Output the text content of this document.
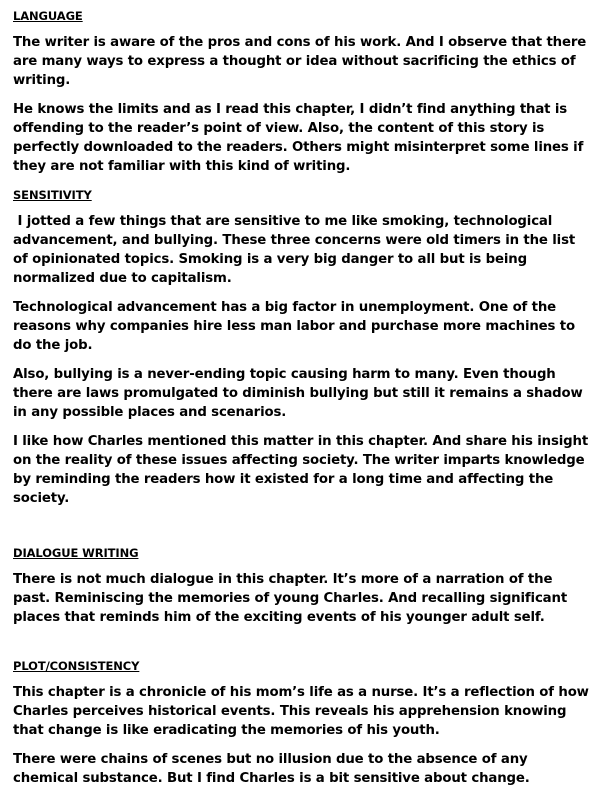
LANGUAGE

The writer is aware of the pros and cons of his work. And I observe that there are many ways to express a thought or idea without sacrificing the ethics of writing.

He knows the limits and as I read this chapter, I didn’t find anything that is offending to the reader’s point of view. Also, the content of this story is perfectly downloaded to the readers. Others might misinterpret some lines if they are not familiar with this kind of writing.

SENSITIVITY

I jotted a few things that are sensitive to me like smoking, technological advancement, and bullying. These three concerns were old timers in the list of opinionated topics. Smoking is a very big danger to all but is being normalized due to capitalism.

Technological advancement has a big factor in unemployment. One of the reasons why companies hire less man labor and purchase more machines to do the job.

Also, bullying is a never-ending topic causing harm to many. Even though there are laws promulgated to diminish bullying but still it remains a shadow in any possible places and scenarios.

I like how Charles mentioned this matter in this chapter. And share his insight on the reality of these issues affecting society. The writer imparts knowledge by reminding the readers how it existed for a long time and affecting the society.

DIALOGUE WRITING

There is not much dialogue in this chapter. It’s more of a narration of the past. Reminiscing the memories of young Charles. And recalling significant places that reminds him of the exciting events of his younger adult self.

PLOT/CONSISTENCY

This chapter is a chronicle of his mom’s life as a nurse. It’s a reflection of how Charles perceives historical events. This reveals his apprehension knowing that change is like eradicating the memories of his youth.

There were chains of scenes but no illusion due to the absence of any chemical substance. But I find Charles is a bit sensitive about change.
